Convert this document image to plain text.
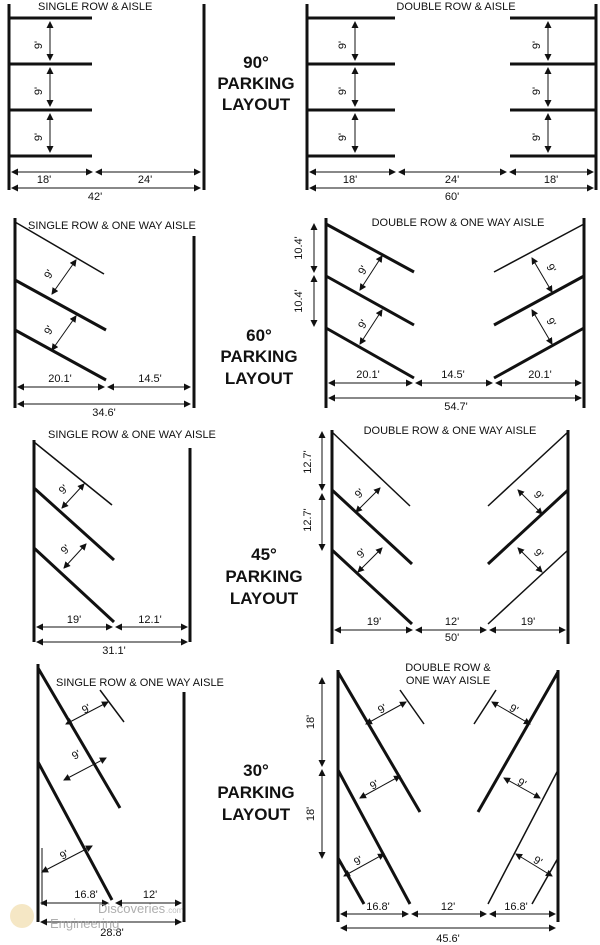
SINGLE ROW & AISLE
9'
9'
9'
18'	24'
42'
90°
PARKING
LAYOUT
DOUBLE ROW & AISLE
9'
9'
9'
9'
9'
9'
18'	24'	18'
60'
SINGLE ROW & ONE WAY AISLE
9'
9'
20.1'	14.5'
34.6'
60°
PARKING
LAYOUT
DOUBLE ROW & ONE WAY AISLE
10.4'
10.4'
9'
9'
9'
9'
20.1'	14.5'	20.1'
54.7'
SINGLE ROW & ONE WAY AISLE
9'
9'
19'	12.1'
31.1'
45°
PARKING
LAYOUT
DOUBLE ROW & ONE WAY AISLE
12.7'
12.7'
9'
9'
9'
9'
19'	12'	19'
50'
SINGLE ROW & ONE WAY AISLE
9'
9'
9'
16.8'	12'
28.8'
30°
PARKING
LAYOUT
DOUBLE ROW &
ONE WAY AISLE
18'
18'
9'
9'
9'
9'
9'
9'
16.8'	12'	16.8'
45.6'
Discoveries .com
Engineering
